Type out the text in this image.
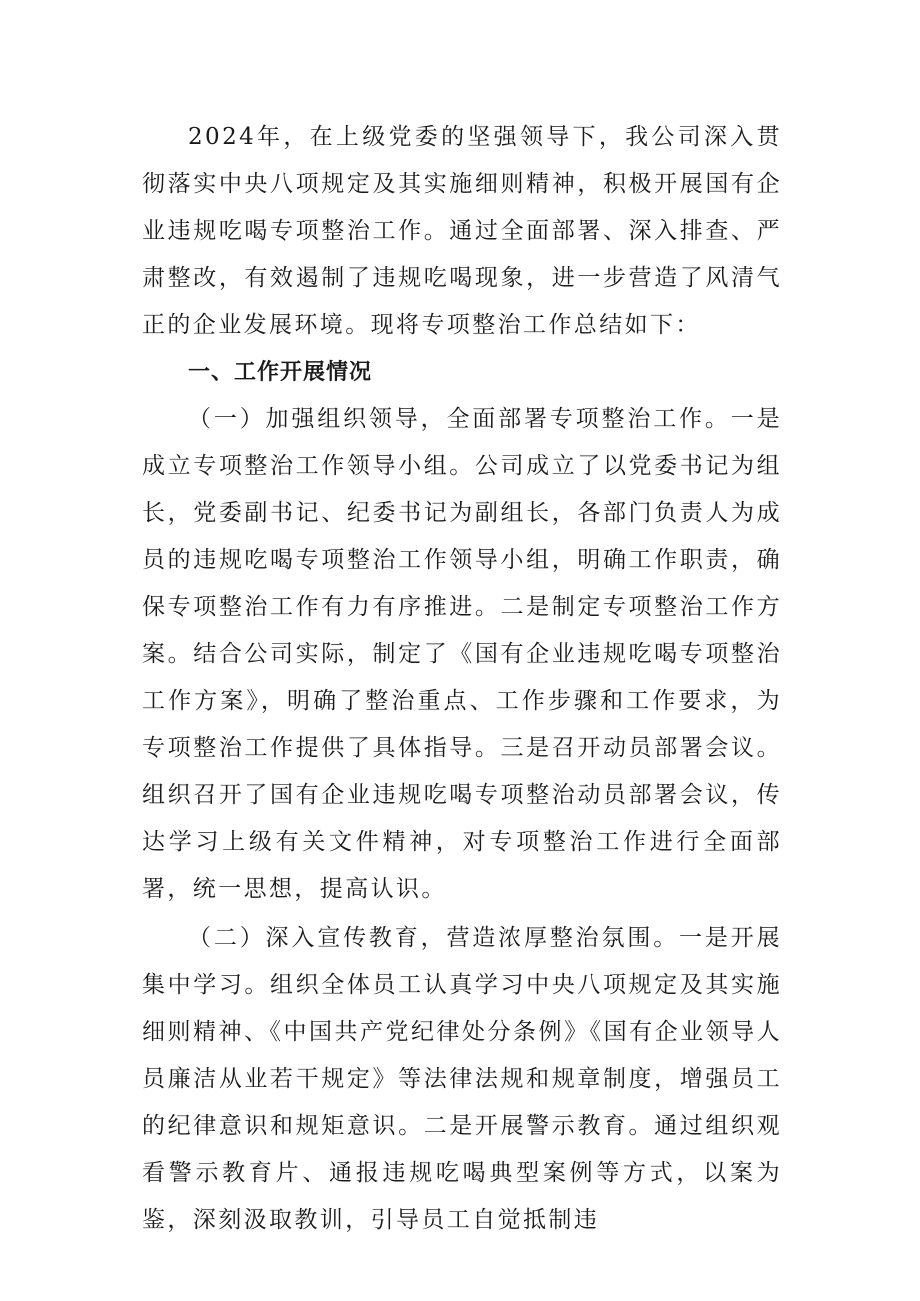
2024年，在上级党委的坚强领导下，我公司深入贯彻落实中央八项规定及其实施细则精神，积极开展国有企业违规吃喝专项整治工作。通过全面部署、深入排查、严肃整改，有效遏制了违规吃喝现象，进一步营造了风清气正的企业发展环境。现将专项整治工作总结如下：

一、工作开展情况

（一）加强组织领导，全面部署专项整治工作。一是成立专项整治工作领导小组。公司成立了以党委书记为组长，党委副书记、纪委书记为副组长，各部门负责人为成员的违规吃喝专项整治工作领导小组，明确工作职责，确保专项整治工作有力有序推进。二是制定专项整治工作方案。结合公司实际，制定了《国有企业违规吃喝专项整治工作方案》，明确了整治重点、工作步骤和工作要求，为专项整治工作提供了具体指导。三是召开动员部署会议。组织召开了国有企业违规吃喝专项整治动员部署会议，传达学习上级有关文件精神，对专项整治工作进行全面部署，统一思想，提高认识。

（二）深入宣传教育，营造浓厚整治氛围。一是开展集中学习。组织全体员工认真学习中央八项规定及其实施细则精神、《中国共产党纪律处分条例》《国有企业领导人员廉洁从业若干规定》等法律法规和规章制度，增强员工的纪律意识和规矩意识。二是开展警示教育。通过组织观看警示教育片、通报违规吃喝典型案例等方式，以案为鉴，深刻汲取教训，引导员工自觉抵制违
